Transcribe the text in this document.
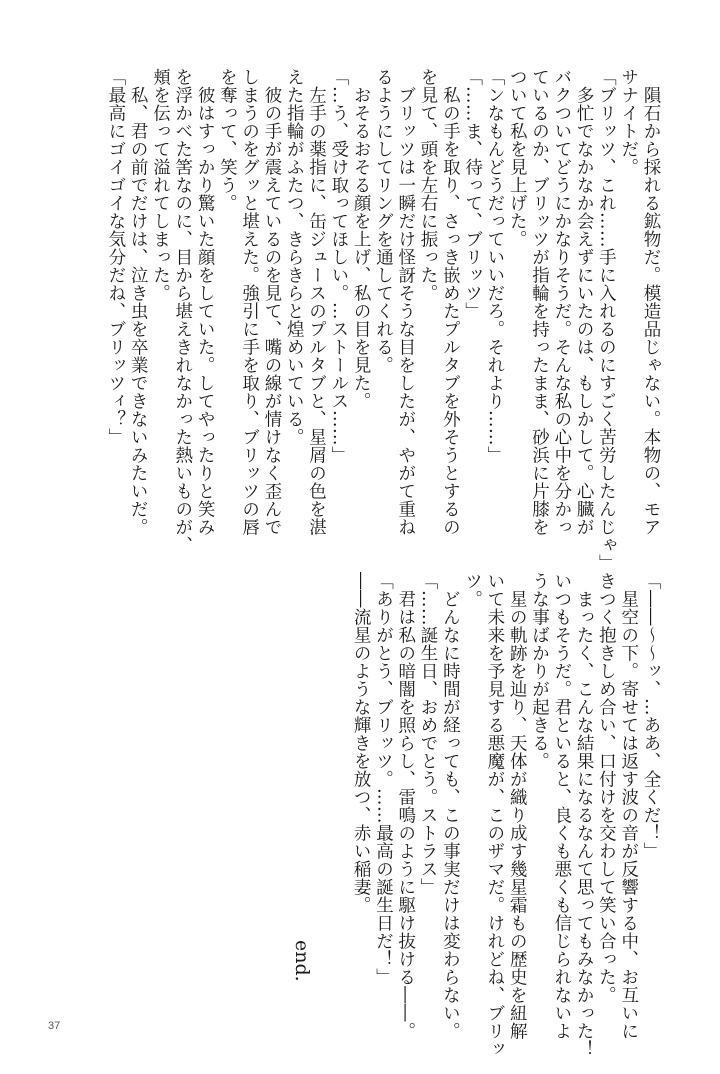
隕石から採れる鉱物だ。模造品じゃない。本物の、モア
サナイトだ。
「ブリッツ、これ……手に入れるのにすごく苦労したんじゃ」
多忙でなかなか会えずにいたのは、もしかして。心臓が
バクついてどうにかなりそうだ。そんな私の心中を分かっ
ているのか、ブリッツが指輪を持ったまま、砂浜に片膝を
ついて私を見上げた。
「ンなもんどうだっていいだろ。それより……」
「……ま、待って、ブリッツ」
私の手を取り、さっき嵌めたプルタブを外そうとするの
を見て、頭を左右に振った。
ブリッツは一瞬だけ怪訝そうな目をしたが、やがて重ね
るようにしてリングを通してくれる。
おそるおそる顔を上げ、私の目を見た。
「…う、受け取ってほしい。…ストールス……」
左手の薬指に、缶ジュースのプルタブと、星屑の色を湛
えた指輪がふたつ、きらきらと煌めいている。
彼の手が震えているのを見て、嘴の線が情けなく歪んで
しまうのをグッと堪えた。強引に手を取り、ブリッツの唇
を奪って、笑う。
彼はすっかり驚いた顔をしていた。してやったりと笑み
を浮かべた筈なのに、目から堪えきれなかった熱いものが、
頬を伝って溢れてしまった。
私、君の前でだけは、泣き虫を卒業できないみたいだ。
「最高にゴイゴイな気分だね、ブリッツィ？」
「――〜〜ッ、…ああ、全くだ！」
星空の下。寄せては返す波の音が反響する中、お互いに
きつく抱きしめ合い、口付けを交わして笑い合った。
まったく、こんな結果になるなんて思ってもみなかった！
いつもそうだ。君といると、良くも悪くも信じられないよ
うな事ばかりが起きる。
星の軌跡を辿り、天体が織り成す幾星霜もの歴史を紐解
いて未来を予見する悪魔が、このザマだ。けれどね、ブリッ
ツ。
どんなに時間が経っても、この事実だけは変わらない。
「……誕生日、おめでとう。ストラス」
君は私の暗闇を照らし、雷鳴のように駆け抜ける――。
「ありがとう、ブリッツ。……最高の誕生日だ！」
――流星のような輝きを放つ、赤い稲妻。
end.
37
